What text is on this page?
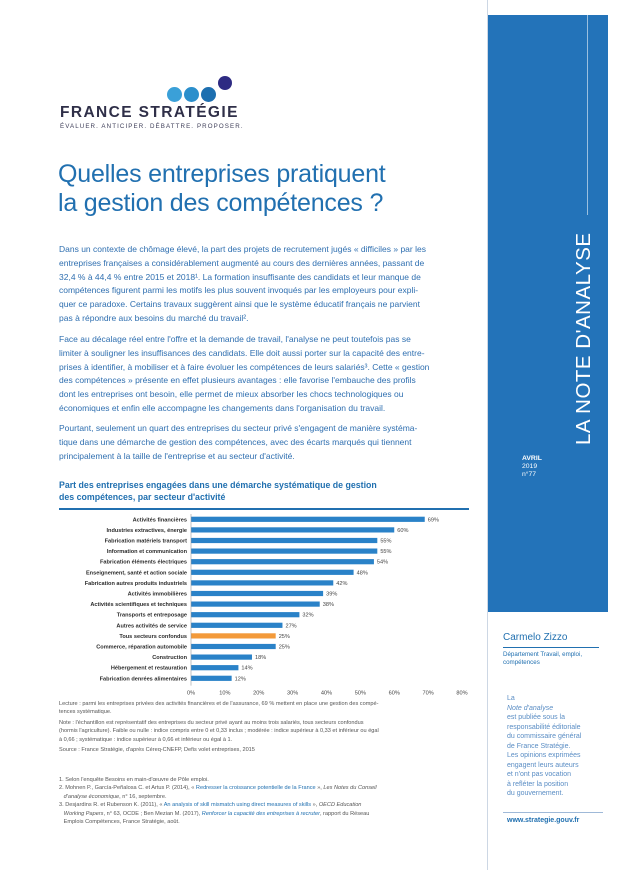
FRANCE STRATÉGIE
ÉVALUER. ANTICIPER. DÉBATTRE. PROPOSER.
Quelles entreprises pratiquent
la gestion des compétences ?
Dans un contexte de chômage élevé, la part des projets de recrutement jugés « difficiles » par les
entreprises françaises a considérablement augmenté au cours des dernières années, passant de
32,4 % à 44,4 % entre 2015 et 2018¹. La formation insuffisante des candidats et leur manque de
compétences figurent parmi les motifs les plus souvent invoqués par les employeurs pour expli-
quer ce paradoxe. Certains travaux suggèrent ainsi que le système éducatif français ne parvient
pas à répondre aux besoins du marché du travail².
Face au décalage réel entre l'offre et la demande de travail, l'analyse ne peut toutefois pas se
limiter à souligner les insuffisances des candidats. Elle doit aussi porter sur la capacité des entre-
prises à identifier, à mobiliser et à faire évoluer les compétences de leurs salariés³. Cette « gestion
des compétences » présente en effet plusieurs avantages : elle favorise l'embauche des profils
dont les entreprises ont besoin, elle permet de mieux absorber les chocs technologiques ou
économiques et enfin elle accompagne les changements dans l'organisation du travail.
Pourtant, seulement un quart des entreprises du secteur privé s'engagent de manière systéma-
tique dans une démarche de gestion des compétences, avec des écarts marqués qui tiennent
principalement à la taille de l'entreprise et au secteur d'activité.
Part des entreprises engagées dans une démarche systématique de gestion
des compétences, par secteur d'activité
Activités financières	69%
Industries extractives, énergie	60%
Fabrication matériels transport	55%
Information et communication	55%
Fabrication éléments électriques	54%
Enseignement, santé et action sociale	48%
Fabrication autres produits industriels	42%
Activités immobilières	39%
Activités scientifiques et techniques	38%
Transports et entreposage	32%
Autres activités de service	27%
Tous secteurs confondus	25%
Commerce, réparation automobile	25%
Construction	18%
Hébergement et restauration	14%
Fabrication denrées alimentaires	12%
0%	10%	20%	30%	40%	50%	60%	70%	80%
Lecture : parmi les entreprises privées des activités financières et de l'assurance, 69 % mettent en place une gestion des compé-
tences systématique.
Note : l'échantillon est représentatif des entreprises du secteur privé ayant au moins trois salariés, tous secteurs confondus
(hormis l'agriculture). Faible ou nulle : indice compris entre 0 et 0,33 inclus ; modérée : indice supérieur à 0,33 et inférieur ou égal
à 0,66 ; systématique : indice supérieur à 0,66 et inférieur ou égal à 1.
Source : France Stratégie, d'après Céreq-CNEFP, Defis volet entreprises, 2015
1. Selon l'enquête Besoins en main-d'œuvre de Pôle emploi.
2. Mohnen P., García-Peñalosa C. et Artus P. (2014), « Redresser la croissance potentielle de la France », Les Notes du Conseil
d'analyse économique, n° 16, septembre.
3. Desjardins R. et Rubenson K. (2011), « An analysis of skill mismatch using direct measures of skills », OECD Education
Working Papers, n° 63, OCDE ; Ben Mezian M. (2017), Renforcer la capacité des entreprises à recruter, rapport du Réseau
Emplois Compétences, France Stratégie, août.
LA NOTE D'ANALYSE
AVRIL
2019
n°77
Carmelo Zizzo
Département Travail, emploi,
compétences
La
Note d'analyse
est publiée sous la
responsabilité éditoriale
du commissaire général
de France Stratégie.
Les opinions exprimées
engagent leurs auteurs
et n'ont pas vocation
à refléter la position
du gouvernement.
www.strategie.gouv.fr
